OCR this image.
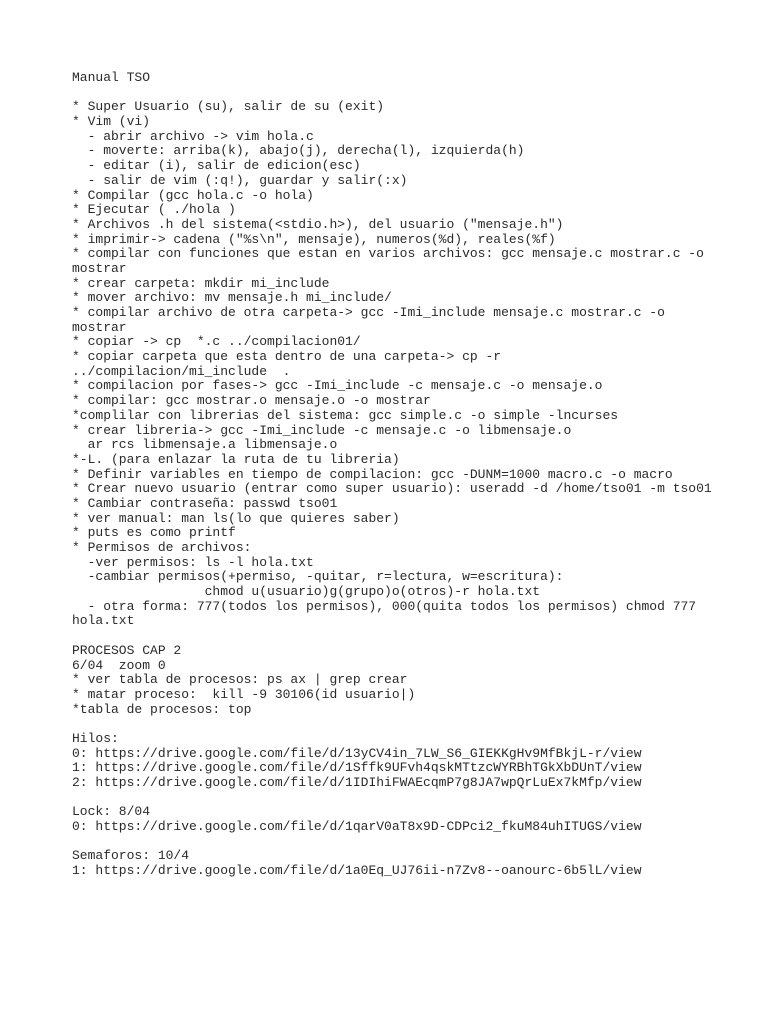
Manual TSO

* Super Usuario (su), salir de su (exit)

* Vim (vi)

- abrir archivo -> vim hola.c

- moverte: arriba(k), abajo(j), derecha(l), izquierda(h)

- editar (i), salir de edicion(esc)

- salir de vim (:q!), guardar y salir(:x)

* Compilar (gcc hola.c -o hola)

* Ejecutar ( ./hola )

* Archivos .h del sistema(<stdio.h>), del usuario ("mensaje.h")

* imprimir-> cadena ("%s\n", mensaje), numeros(%d), reales(%f)

* compilar con funciones que estan en varios archivos: gcc mensaje.c mostrar.c -o

mostrar

* crear carpeta: mkdir mi_include

* mover archivo: mv mensaje.h mi_include/

* compilar archivo de otra carpeta-> gcc -Imi_include mensaje.c mostrar.c -o

mostrar

* copiar -> cp  *.c ../compilacion01/

* copiar carpeta que esta dentro de una carpeta-> cp -r

../compilacion/mi_include  .

* compilacion por fases-> gcc -Imi_include -c mensaje.c -o mensaje.o

* compilar: gcc mostrar.o mensaje.o -o mostrar

*complilar con librerias del sistema: gcc simple.c -o simple -lncurses

* crear libreria-> gcc -Imi_include -c mensaje.c -o libmensaje.o

ar rcs libmensaje.a libmensaje.o

*-L. (para enlazar la ruta de tu libreria)

* Definir variables en tiempo de compilacion: gcc -DUNM=1000 macro.c -o macro

* Crear nuevo usuario (entrar como super usuario): useradd -d /home/tso01 -m tso01

* Cambiar contraseña: passwd tso01

* ver manual: man ls(lo que quieres saber)

* puts es como printf

* Permisos de archivos:

-ver permisos: ls -l hola.txt

-cambiar permisos(+permiso, -quitar, r=lectura, w=escritura):

chmod u(usuario)g(grupo)o(otros)-r hola.txt

- otra forma: 777(todos los permisos), 000(quita todos los permisos) chmod 777

hola.txt

PROCESOS CAP 2

6/04  zoom 0

* ver tabla de procesos: ps ax | grep crear

* matar proceso:  kill -9 30106(id usuario|)

*tabla de procesos: top

Hilos:

0: https://drive.google.com/file/d/13yCV4in_7LW_S6_GIEKKgHv9MfBkjL-r/view

1: https://drive.google.com/file/d/1Sffk9UFvh4qskMTtzcWYRBhTGkXbDUnT/view

2: https://drive.google.com/file/d/1IDIhiFWAEcqmP7g8JA7wpQrLuEx7kMfp/view

Lock: 8/04

0: https://drive.google.com/file/d/1qarV0aT8x9D-CDPci2_fkuM84uhITUGS/view

Semaforos: 10/4

1: https://drive.google.com/file/d/1a0Eq_UJ76ii-n7Zv8--oanourc-6b5lL/view
